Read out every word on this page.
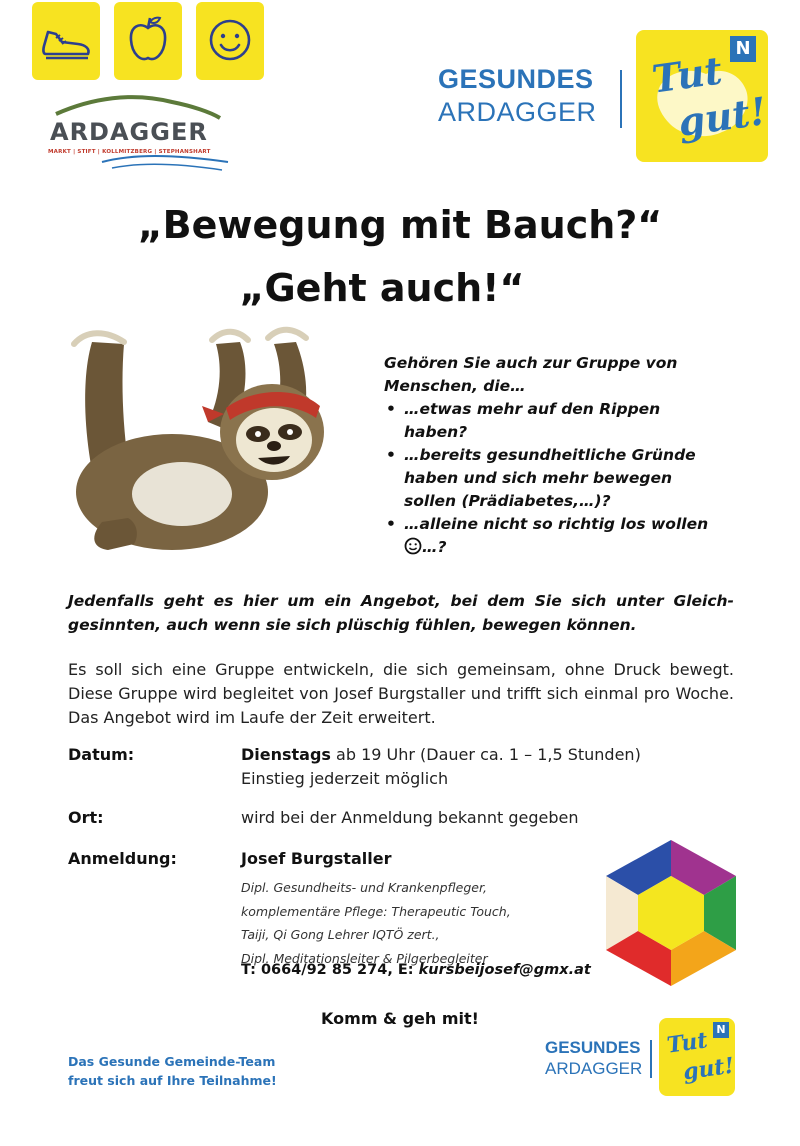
ARDAGGER
MARKT | STIFT | KOLLMITZBERG | STEPHANSHART
GESUNDES
ARDAGGER
N
Tut
gut!
„Bewegung mit Bauch?“
„Geht auch!“
Gehören Sie auch zur Gruppe von Menschen, die…
• …etwas mehr auf den Rippen haben?
• …bereits gesundheitliche Gründe haben und sich mehr bewegen sollen (Prädiabetes,…)?
• …alleine nicht so richtig los wollen …?
Jedenfalls geht es hier um ein Angebot, bei dem Sie sich unter Gleich-gesinnten, auch wenn sie sich plüschig fühlen, bewegen können.
Es soll sich eine Gruppe entwickeln, die sich gemeinsam, ohne Druck bewegt. Diese Gruppe wird begleitet von Josef Burgstaller und trifft sich einmal pro Woche. Das Angebot wird im Laufe der Zeit erweitert.
Datum:	Dienstags ab 19 Uhr (Dauer ca. 1 – 1,5 Stunden)
Einstieg jederzeit möglich
Ort:	wird bei der Anmeldung bekannt gegeben
Anmeldung:	Josef Burgstaller
Dipl. Gesundheits- und Krankenpfleger,
komplementäre Pflege: Therapeutic Touch,
Taiji, Qi Gong Lehrer IQTÖ zert.,
Dipl. Meditationsleiter & Pilgerbegleiter
T: 0664/92 85 274, E: kursbeijosef@gmx.at
Komm & geh mit!
Das Gesunde Gemeinde-Team
freut sich auf Ihre Teilnahme!
GESUNDES
ARDAGGER
N
Tut
gut!
